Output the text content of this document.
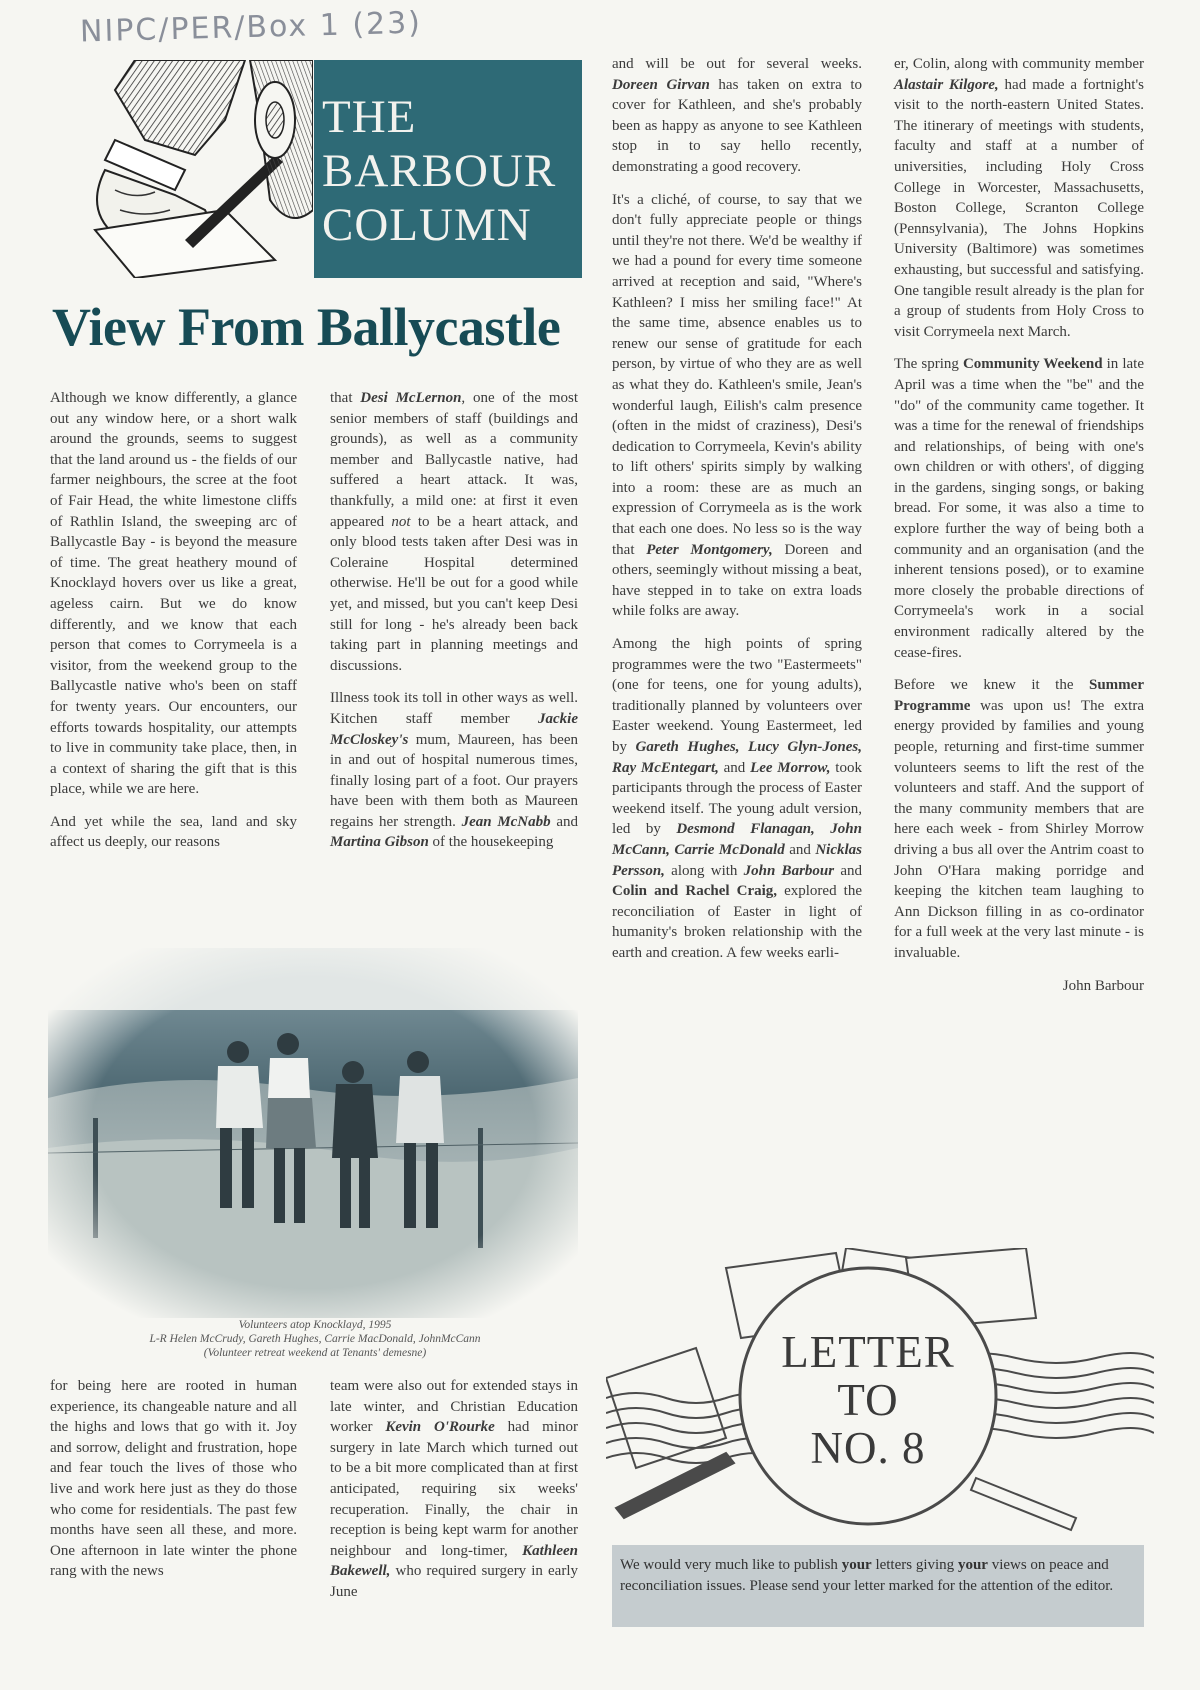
NIPC/PER/Box 1 (23)
THE
BARBOUR
COLUMN
View From Ballycastle

Although we know differently, a glance out any window here, or a short walk around the grounds, seems to suggest that the land around us - the fields of our farmer neighbours, the scree at the foot of Fair Head, the white limestone cliffs of Rathlin Island, the sweeping arc of Ballycastle Bay - is beyond the measure of time. The great heathery mound of Knocklayd hovers over us like a great, ageless cairn. But we do know differently, and we know that each person that comes to Corrymeela is a visitor, from the weekend group to the Ballycastle native who's been on staff for twenty years. Our encounters, our efforts towards hospitality, our attempts to live in community take place, then, in a context of sharing the gift that is this place, while we are here.

And yet while the sea, land and sky affect us deeply, our reasons

that Desi McLernon, one of the most senior members of staff (buildings and grounds), as well as a community member and Ballycastle native, had suffered a heart attack. It was, thankfully, a mild one: at first it even appeared not to be a heart attack, and only blood tests taken after Desi was in Coleraine Hospital determined otherwise. He'll be out for a good while yet, and missed, but you can't keep Desi still for long - he's already been back taking part in planning meetings and discussions.

Illness took its toll in other ways as well. Kitchen staff member Jackie McCloskey's mum, Maureen, has been in and out of hospital numerous times, finally losing part of a foot. Our prayers have been with them both as Maureen regains her strength. Jean McNabb and Martina Gibson of the housekeeping

Volunteers atop Knocklayd, 1995
L-R Helen McCrudy, Gareth Hughes, Carrie MacDonald, JohnMcCann
(Volunteer retreat weekend at Tenants' demesne)

for being here are rooted in human experience, its changeable nature and all the highs and lows that go with it. Joy and sorrow, delight and frustration, hope and fear touch the lives of those who live and work here just as they do those who come for residentials. The past few months have seen all these, and more. One afternoon in late winter the phone rang with the news

team were also out for extended stays in late winter, and Christian Education worker Kevin O'Rourke had minor surgery in late March which turned out to be a bit more complicated than at first anticipated, requiring six weeks' recuperation. Finally, the chair in reception is being kept warm for another neighbour and long-timer, Kathleen Bakewell, who required surgery in early June

and will be out for several weeks. Doreen Girvan has taken on extra to cover for Kathleen, and she's probably been as happy as anyone to see Kathleen stop in to say hello recently, demonstrating a good recovery.

It's a cliché, of course, to say that we don't fully appreciate people or things until they're not there. We'd be wealthy if we had a pound for every time someone arrived at reception and said, "Where's Kathleen? I miss her smiling face!" At the same time, absence enables us to renew our sense of gratitude for each person, by virtue of who they are as well as what they do. Kathleen's smile, Jean's wonderful laugh, Eilish's calm presence (often in the midst of craziness), Desi's dedication to Corrymeela, Kevin's ability to lift others' spirits simply by walking into a room: these are as much an expression of Corrymeela as is the work that each one does. No less so is the way that Peter Montgomery, Doreen and others, seemingly without missing a beat, have stepped in to take on extra loads while folks are away.

Among the high points of spring programmes were the two "Eastermeets" (one for teens, one for young adults), traditionally planned by volunteers over Easter weekend. Young Eastermeet, led by Gareth Hughes, Lucy Glyn-Jones, Ray McEntegart, and Lee Morrow, took participants through the process of Easter weekend itself. The young adult version, led by Desmond Flanagan, John McCann, Carrie McDonald and Nicklas Persson, along with John Barbour and Colin and Rachel Craig, explored the reconciliation of Easter in light of humanity's broken relationship with the earth and creation. A few weeks earli-

er, Colin, along with community member Alastair Kilgore, had made a fortnight's visit to the north-eastern United States. The itinerary of meetings with students, faculty and staff at a number of universities, including Holy Cross College in Worcester, Massachusetts, Boston College, Scranton College (Pennsylvania), The Johns Hopkins University (Baltimore) was sometimes exhausting, but successful and satisfying. One tangible result already is the plan for a group of students from Holy Cross to visit Corrymeela next March.

The spring Community Weekend in late April was a time when the "be" and the "do" of the community came together. It was a time for the renewal of friendships and relationships, of being with one's own children or with others', of digging in the gardens, singing songs, or baking bread. For some, it was also a time to explore further the way of being both a community and an organisation (and the inherent tensions posed), or to examine more closely the probable directions of Corrymeela's work in a social environment radically altered by the cease-fires.

Before we knew it the Summer Programme was upon us! The extra energy provided by families and young people, returning and first-time summer volunteers seems to lift the rest of the volunteers and staff. And the support of the many community members that are here each week - from Shirley Morrow driving a bus all over the Antrim coast to John O'Hara making porridge and keeping the kitchen team laughing to Ann Dickson filling in as co-ordinator for a full week at the very last minute - is invaluable.

John Barbour

LETTER
TO
NO. 8

We would very much like to publish your letters giving your views on peace and reconciliation issues. Please send your letter marked for the attention of the editor.
